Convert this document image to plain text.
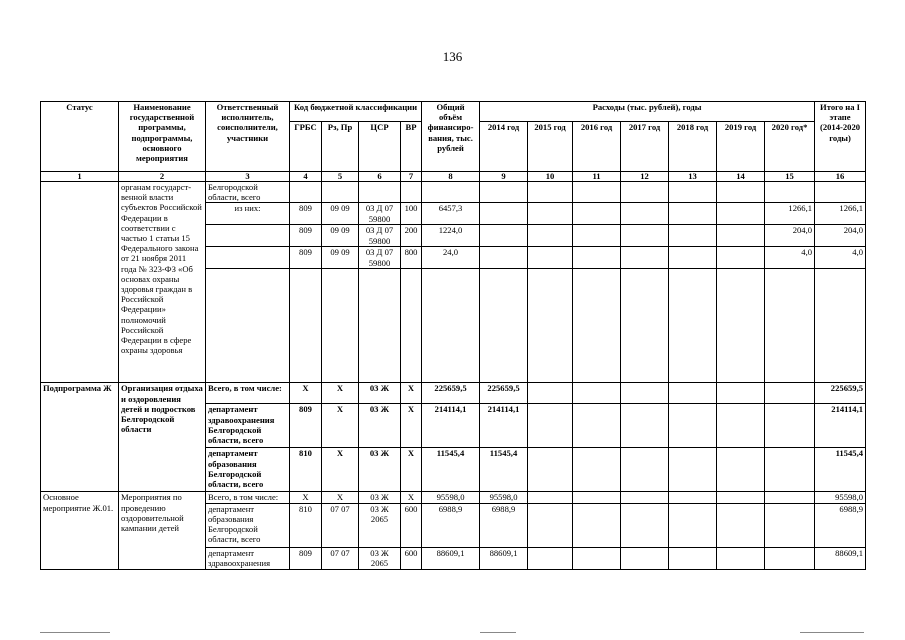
136
Статус	Наименование государственной программы, подпрограммы, основного мероприятия	Ответственный исполнитель, соисполнители, участники	Код бюджетной классификации				Общий объём финансиро-вания, тыс. рублей	Расходы (тыс. рублей), годы							Итого на I этапе (2014-2020 годы)
			ГРБС	Рз, Пр	ЦСР	ВР		2014 год	2015 год	2016 год	2017 год	2018 год	2019 год	2020 год*	
1	2	3	4	5	6	7	8	9	10	11	12	13	14	15	16
	органам государст-венной власти субъектов Российской Федерации в соответствии с частью 1 статьи 15 Федерального закона от 21 ноября 2011 года № 323-ФЗ «Об основах охраны здоровья граждан в Российской Федерации» полномочий Российской Федерации в сфере охраны здоровья	Белгородской области, всего													
		из них:	809	09 09	03 Д 07 59800	100	6457,3							1266,1	1266,1
			809	09 09	03 Д 07 59800	200	1224,0							204,0	204,0
			809	09 09	03 Д 07 59800	800	24,0							4,0	4,0

Подпрограмма Ж	Организация отдыха и оздоровления детей и подростков Белгородской области	Всего, в том числе:	Х	Х	03 Ж	Х	225659,5	225659,5							225659,5
		департамент здравоохранения Белгородской области, всего	809	Х	03 Ж	Х	214114,1	214114,1							214114,1
		департамент образования Белгородской области, всего	810	Х	03 Ж	Х	11545,4	11545,4							11545,4
Основное мероприятие Ж.01.	Мероприятия по проведению оздоровительной кампании детей	Всего, в том числе:	Х	Х	03 Ж	Х	95598,0	95598,0							95598,0
		департамент образования Белгородской области, всего	810	07 07	03 Ж 2065	600	6988,9	6988,9							6988,9
		департамент здравоохранения	809	07 07	03 Ж 2065	600	88609,1	88609,1							88609,1
